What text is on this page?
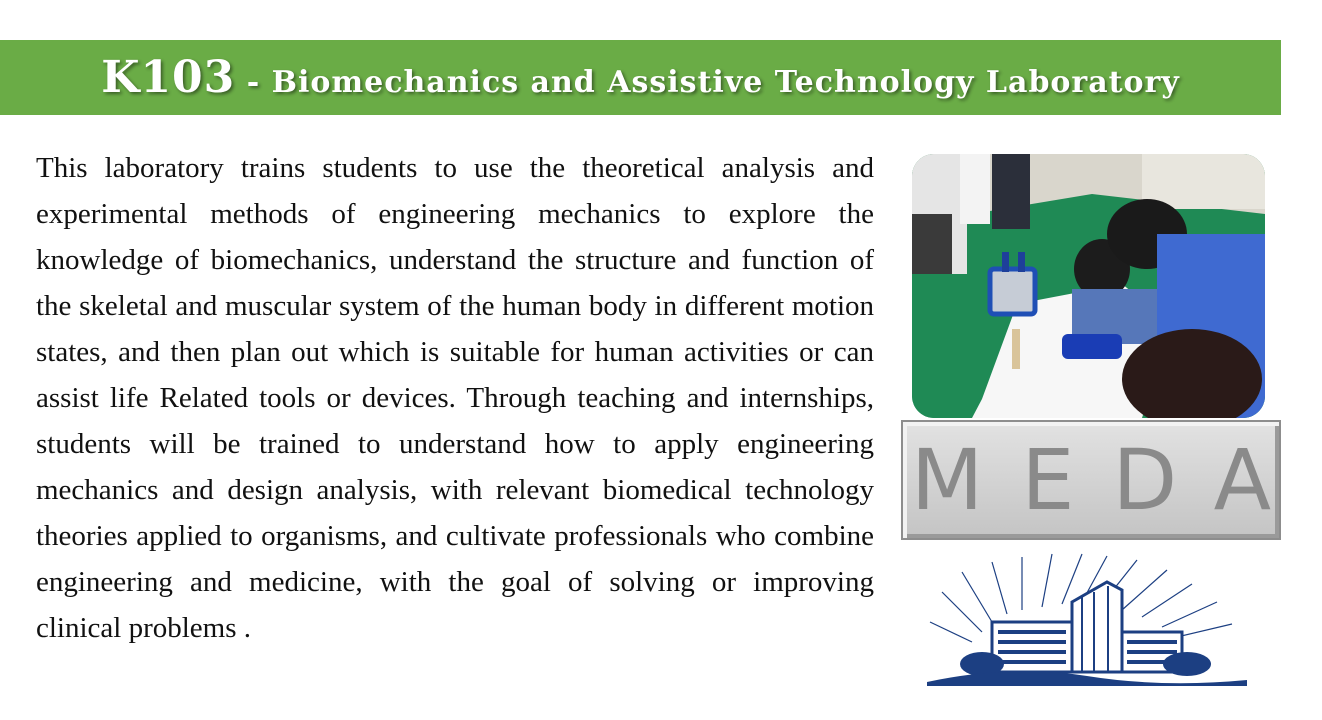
K103 - Biomechanics and Assistive Technology Laboratory
This laboratory trains students to use the theoretical analysis and experimental methods of engineering mechanics to explore the knowledge of biomechanics, understand the structure and function of the skeletal and muscular system of the human body in different motion states, and then plan out which is suitable for human activities or can assist life Related tools or devices. Through teaching and internships, students will be trained to understand how to apply engineering mechanics and design analysis, with relevant biomedical technology theories applied to organisms, and cultivate professionals who combine engineering and medicine, with the goal of solving or improving clinical problems .
MEDA
